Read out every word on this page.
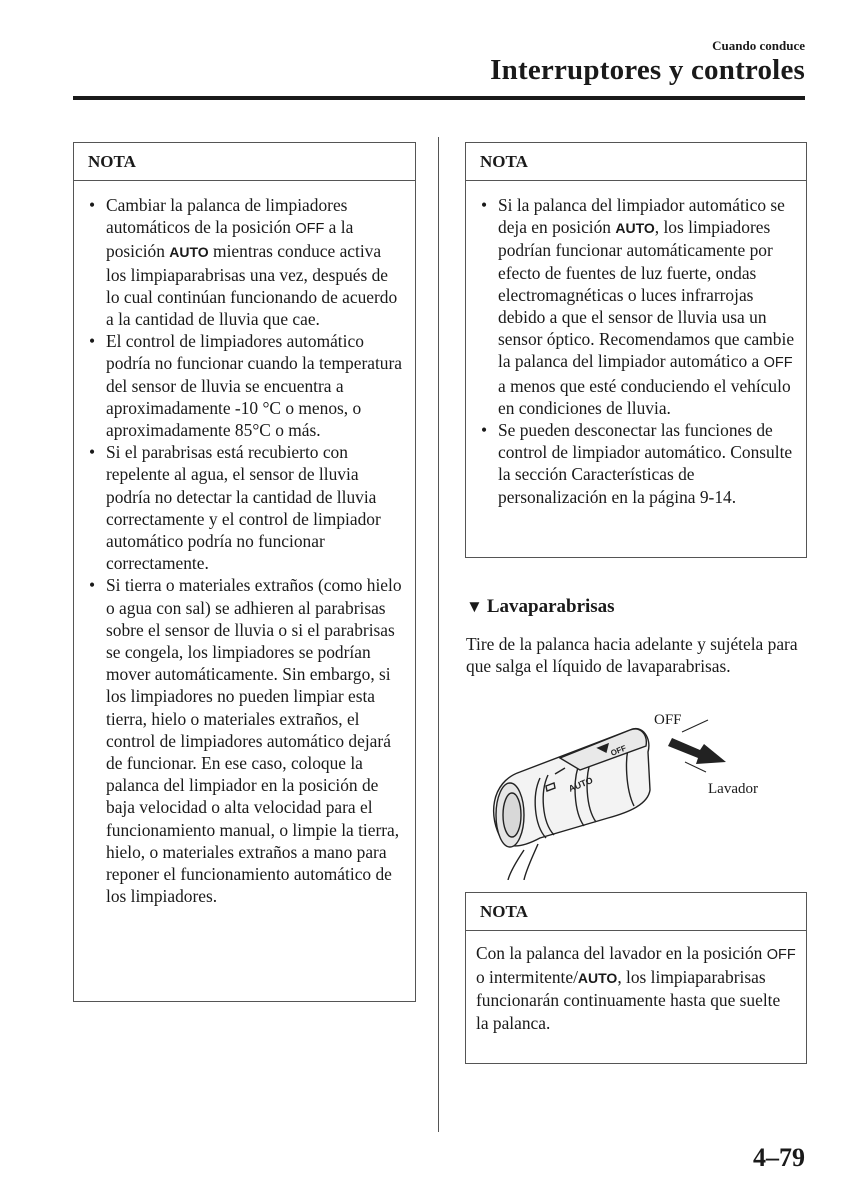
Cuando conduce
Interruptores y controles
NOTA
• Cambiar la palanca de limpiadores automáticos de la posición OFF a la posición AUTO mientras conduce activa los limpiaparabrisas una vez, después de lo cual continúan funcionando de acuerdo a la cantidad de lluvia que cae.
• El control de limpiadores automático podría no funcionar cuando la temperatura del sensor de lluvia se encuentra a aproximadamente -10 °C o menos, o aproximadamente 85°C o más.
• Si el parabrisas está recubierto con repelente al agua, el sensor de lluvia podría no detectar la cantidad de lluvia correctamente y el control de limpiador automático podría no funcionar correctamente.
• Si tierra o materiales extraños (como hielo o agua con sal) se adhieren al parabrisas sobre el sensor de lluvia o si el parabrisas se congela, los limpiadores se podrían mover automáticamente. Sin embargo, si los limpiadores no pueden limpiar esta tierra, hielo o materiales extraños, el control de limpiadores automático dejará de funcionar. En ese caso, coloque la palanca del limpiador en la posición de baja velocidad o alta velocidad para el funcionamiento manual, o limpie la tierra, hielo, o materiales extraños a mano para reponer el funcionamiento automático de los limpiadores.
NOTA
• Si la palanca del limpiador automático se deja en posición AUTO, los limpiadores podrían funcionar automáticamente por efecto de fuentes de luz fuerte, ondas electromagnéticas o luces infrarrojas debido a que el sensor de lluvia usa un sensor óptico. Recomendamos que cambie la palanca del limpiador automático a OFF a menos que esté conduciendo el vehículo en condiciones de lluvia.
• Se pueden desconectar las funciones de control de limpiador automático. Consulte la sección Características de personalización en la página 9-14.
▼ Lavaparabrisas
Tire de la palanca hacia adelante y sujétela para que salga el líquido de lavaparabrisas.
AUTO
OFF
OFF
Lavador
NOTA
Con la palanca del lavador en la posición OFF o intermitente/AUTO, los limpiaparabrisas funcionarán continuamente hasta que suelte la palanca.
4–79
